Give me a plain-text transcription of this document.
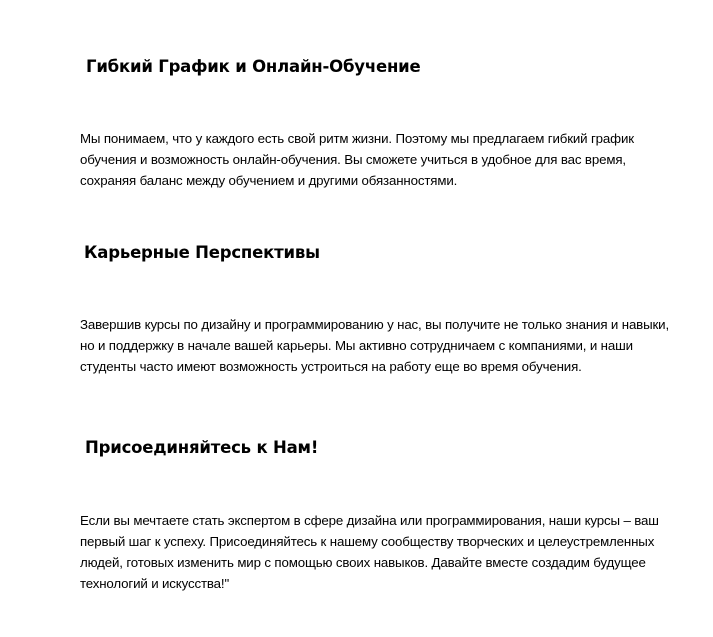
Гибкий График и Онлайн-Обучение
Мы понимаем, что у каждого есть свой ритм жизни. Поэтому мы предлагаем гибкий график
обучения и возможность онлайн-обучения. Вы сможете учиться в удобное для вас время,
сохраняя баланс между обучением и другими обязанностями.
Карьерные Перспективы
Завершив курсы по дизайну и программированию у нас, вы получите не только знания и навыки,
но и поддержку в начале вашей карьеры. Мы активно сотрудничаем с компаниями, и наши
студенты часто имеют возможность устроиться на работу еще во время обучения.
Присоединяйтесь к Нам!
Если вы мечтаете стать экспертом в сфере дизайна или программирования, наши курсы – ваш
первый шаг к успеху. Присоединяйтесь к нашему сообществу творческих и целеустремленных
людей, готовых изменить мир с помощью своих навыков. Давайте вместе создадим будущее
технологий и искусства!"
